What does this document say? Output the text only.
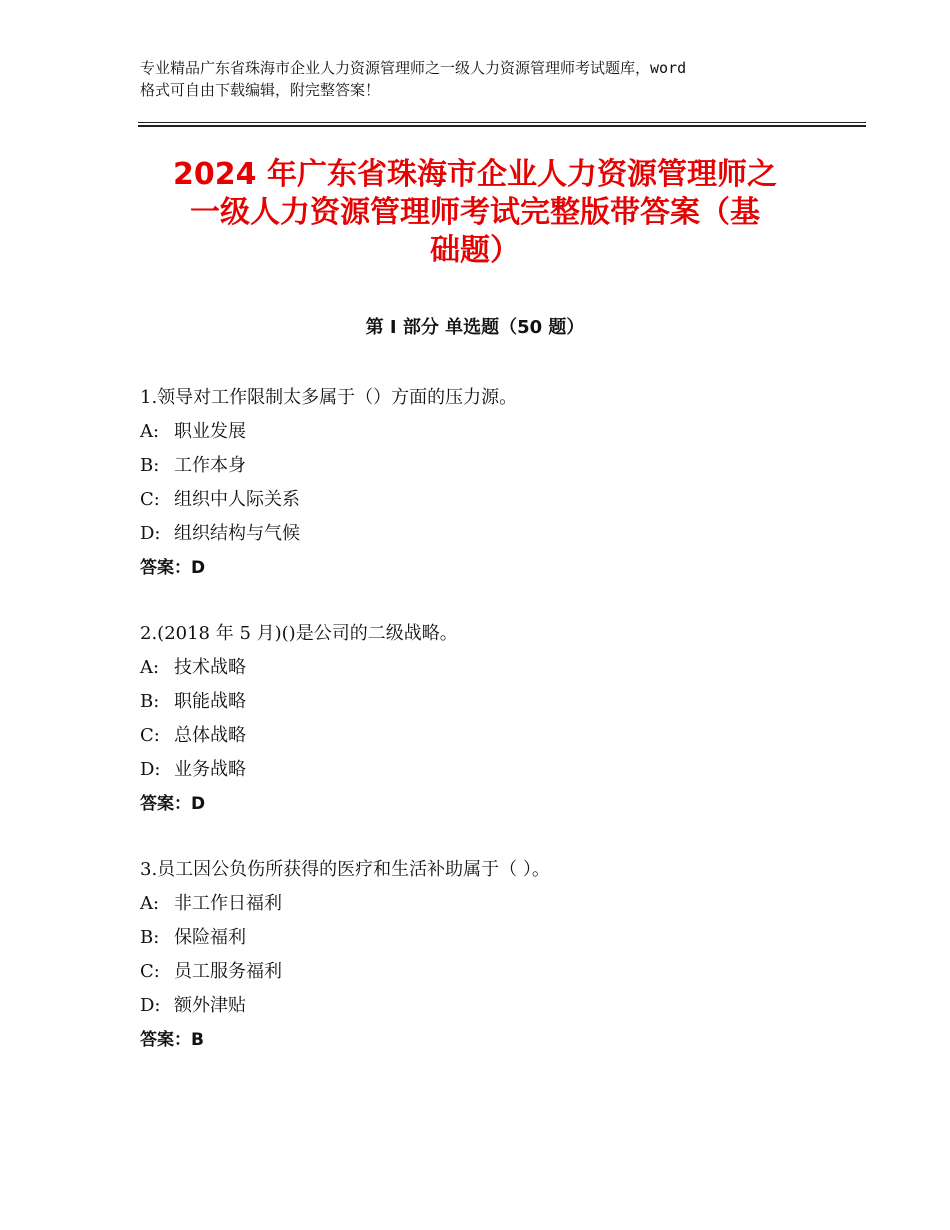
专业精品广东省珠海市企业人力资源管理师之一级人力资源管理师考试题库，word
格式可自由下载编辑，附完整答案！
2024 年广东省珠海市企业人力资源管理师之
一级人力资源管理师考试完整版带答案（基
础题）
第 I 部分 单选题（50 题）
1.领导对工作限制太多属于（）方面的压力源。
A: 职业发展
B: 工作本身
C: 组织中人际关系
D: 组织结构与气候
答案：D
2.(2018 年 5 月)()是公司的二级战略。
A: 技术战略
B: 职能战略
C: 总体战略
D: 业务战略
答案：D
3.员工因公负伤所获得的医疗和生活补助属于（ ）。
A: 非工作日福利
B: 保险福利
C: 员工服务福利
D: 额外津贴
答案：B
